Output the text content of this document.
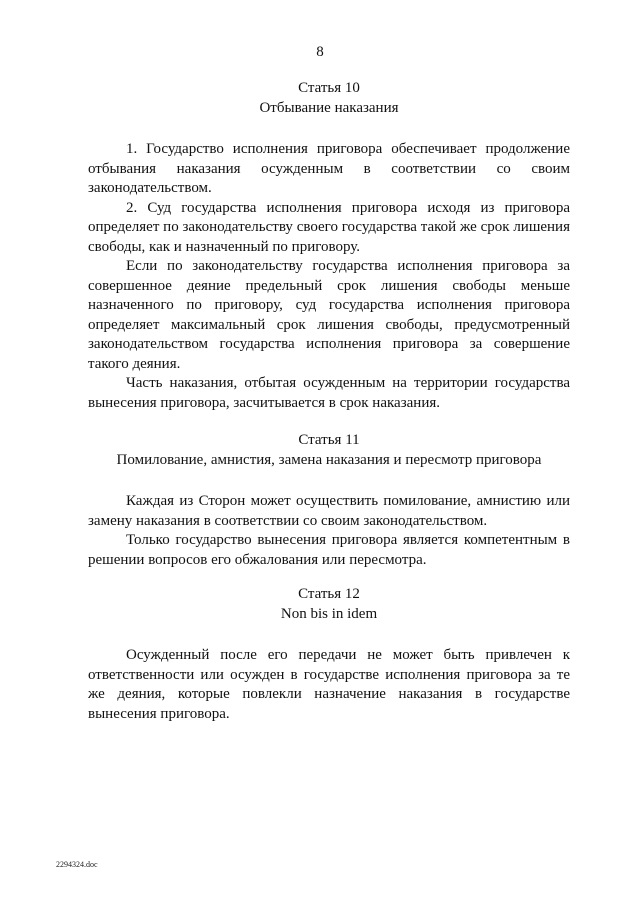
8
Статья 10
Отбывание наказания

1. Государство исполнения приговора обеспечивает продолжение отбывания наказания осужденным в соответствии со своим законодательством.

2. Суд государства исполнения приговора исходя из приговора определяет по законодательству своего государства такой же срок лишения свободы, как и назначенный по приговору.

Если по законодательству государства исполнения приговора за совершенное деяние предельный срок лишения свободы меньше назначенного по приговору, суд государства исполнения приговора определяет максимальный срок лишения свободы, предусмотренный законодательством государства исполнения приговора за совершение такого деяния.

Часть наказания, отбытая осужденным на территории государства вынесения приговора, засчитывается в срок наказания.

Статья 11
Помилование, амнистия, замена наказания и пересмотр приговора

Каждая из Сторон может осуществить помилование, амнистию или замену наказания в соответствии со своим законодательством.

Только государство вынесения приговора является компетентным в решении вопросов его обжалования или пересмотра.

Статья 12
Non bis in idem

Осужденный после его передачи не может быть привлечен к ответственности или осужден в государстве исполнения приговора за те же деяния, которые повлекли назначение наказания в государстве вынесения приговора.

2294324.doc
